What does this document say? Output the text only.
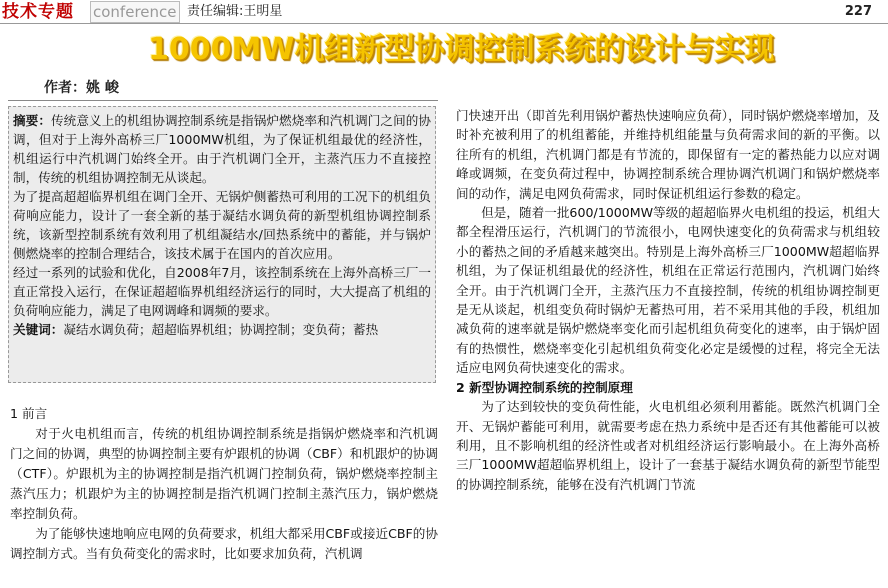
技术专题 conference 责任编辑:王明星	227
1000MW机组新型协调控制系统的设计与实现
作者：姚 峻

摘要：传统意义上的机组协调控制系统是指锅炉燃烧率和汽机调门之间的协调，但对于上海外高桥三厂1000MW机组，为了保证机组最优的经济性，机组运行中汽机调门始终全开。由于汽机调门全开，主蒸汽压力不直接控制，传统的机组协调控制无从谈起。

为了提高超超临界机组在调门全开、无锅炉侧蓄热可利用的工况下的机组负荷响应能力，设计了一套全新的基于凝结水调负荷的新型机组协调控制系统，该新型控制系统有效利用了机组凝结水/回热系统中的蓄能，并与锅炉侧燃烧率的控制合理结合，该技术属于在国内的首次应用。

经过一系列的试验和优化，自2008年7月，该控制系统在上海外高桥三厂一直正常投入运行，在保证超超临界机组经济运行的同时，大大提高了机组的负荷响应能力，满足了电网调峰和调频的要求。

关键词：凝结水调负荷；超超临界机组；协调控制；变负荷；蓄热

1 前言

对于火电机组而言，传统的机组协调控制系统是指锅炉燃烧率和汽机调门之间的协调，典型的协调控制主要有炉跟机的协调（CBF）和机跟炉的协调（CTF）。炉跟机为主的协调控制是指汽机调门控制负荷，锅炉燃烧率控制主蒸汽压力；机跟炉为主的协调控制是指汽机调门控制主蒸汽压力，锅炉燃烧率控制负荷。

为了能够快速地响应电网的负荷要求，机组大都采用CBF或接近CBF的协调控制方式。当有负荷变化的需求时，比如要求加负荷，汽机调

门快速开出（即首先利用锅炉蓄热快速响应负荷），同时锅炉燃烧率增加，及时补充被利用了的机组蓄能，并维持机组能量与负荷需求间的新的平衡。以往所有的机组，汽机调门都是有节流的，即保留有一定的蓄热能力以应对调峰或调频，在变负荷过程中，协调控制系统合理协调汽机调门和锅炉燃烧率间的动作，满足电网负荷需求，同时保证机组运行参数的稳定。

但是，随着一批600/1000MW等级的超超临界火电机组的投运，机组大都全程滑压运行，汽机调门的节流很小，电网快速变化的负荷需求与机组较小的蓄热之间的矛盾越来越突出。特别是上海外高桥三厂1000MW超超临界机组，为了保证机组最优的经济性，机组在正常运行范围内，汽机调门始终全开。由于汽机调门全开，主蒸汽压力不直接控制，传统的机组协调控制更是无从谈起，机组变负荷时锅炉无蓄热可用，若不采用其他的手段，机组加减负荷的速率就是锅炉燃烧率变化而引起机组负荷变化的速率，由于锅炉固有的热惯性，燃烧率变化引起机组负荷变化必定是缓慢的过程，将完全无法适应电网负荷快速变化的需求。

2 新型协调控制系统的控制原理

为了达到较快的变负荷性能，火电机组必须利用蓄能。既然汽机调门全开、无锅炉蓄能可利用，就需要考虑在热力系统中是否还有其他蓄能可以被利用，且不影响机组的经济性或者对机组经济运行影响最小。在上海外高桥三厂1000MW超超临界机组上，设计了一套基于凝结水调负荷的新型节能型的协调控制系统，能够在没有汽机调门节流
